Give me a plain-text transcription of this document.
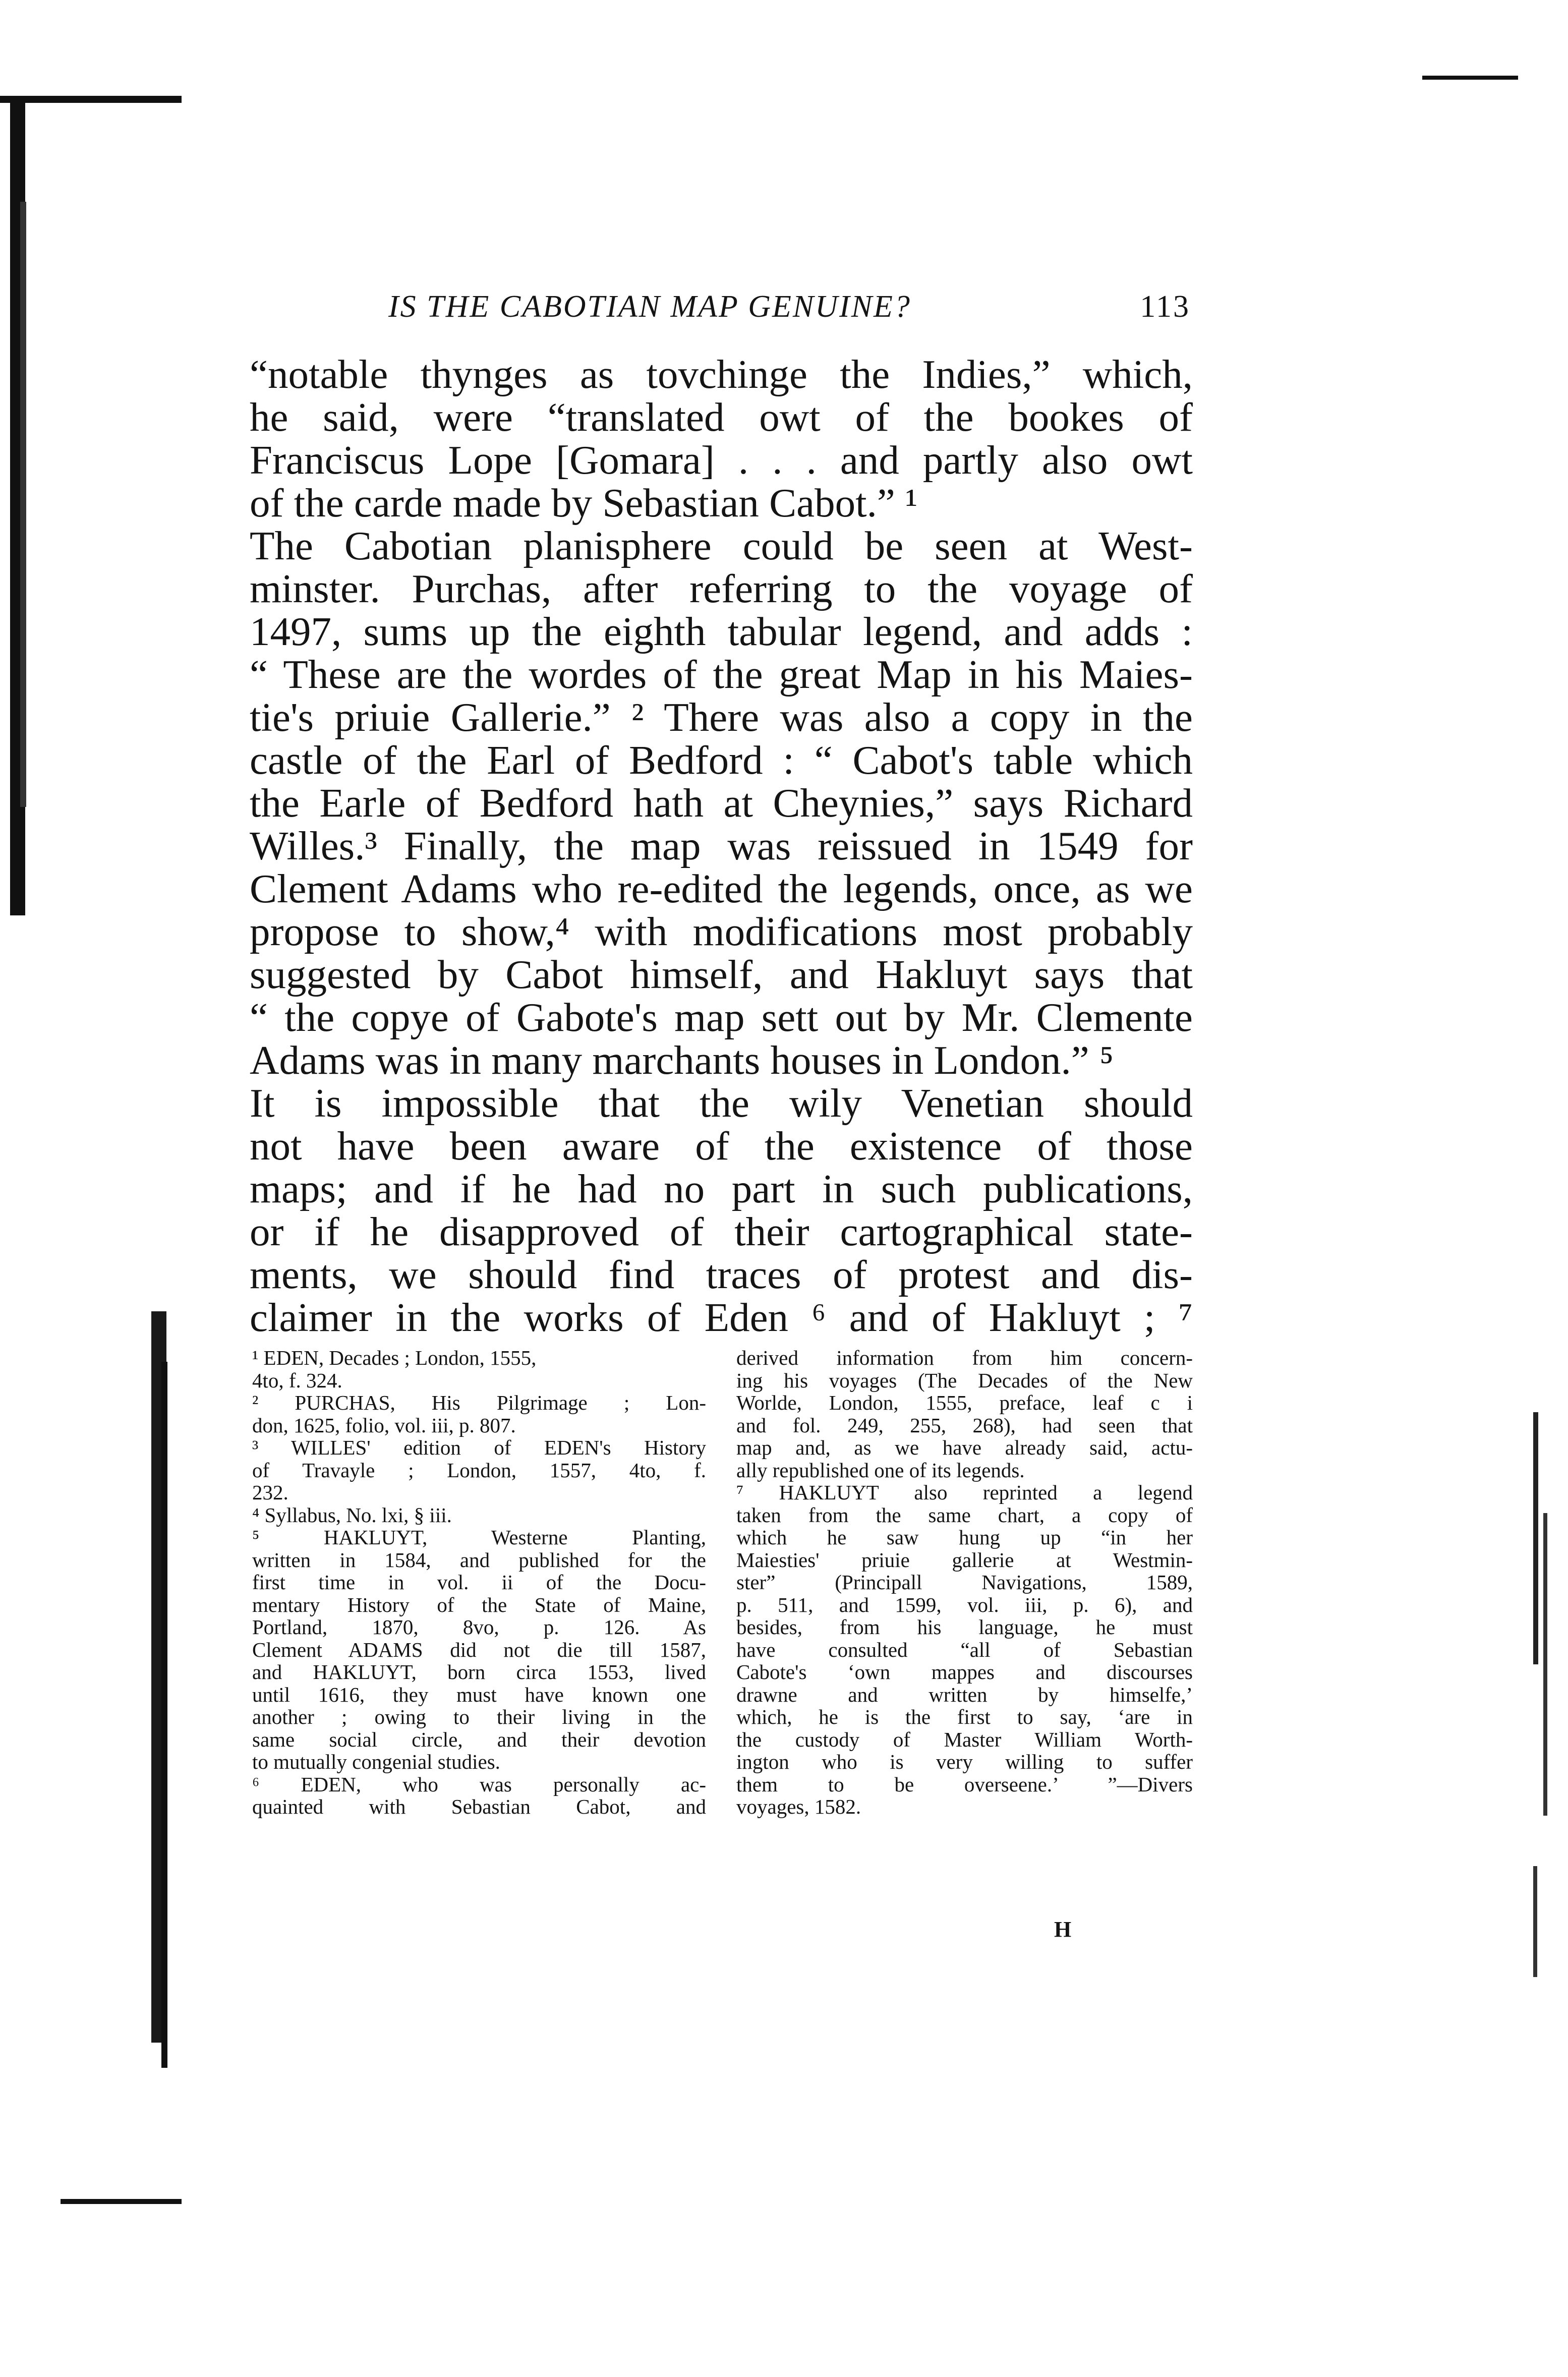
IS THE CABOTIAN MAP GENUINE?	113
“notable thynges as tovchinge the Indies,” which,
he said, were “translated owt of the bookes of
Franciscus Lope [Gomara] . . . and partly also owt
of the carde made by Sebastian Cabot.” ¹
The Cabotian planisphere could be seen at West-
minster. Purchas, after referring to the voyage of
1497, sums up the eighth tabular legend, and adds :
“ These are the wordes of the great Map in his Maies-
tie's priuie Gallerie.” ² There was also a copy in the
castle of the Earl of Bedford : “ Cabot's table which
the Earle of Bedford hath at Cheynies,” says Richard
Willes.³ Finally, the map was reissued in 1549 for
Clement Adams who re-edited the legends, once, as we
propose to show,⁴ with modifications most probably
suggested by Cabot himself, and Hakluyt says that
“ the copye of Gabote's map sett out by Mr. Clemente
Adams was in many marchants houses in London.” ⁵
It is impossible that the wily Venetian should
not have been aware of the existence of those
maps; and if he had no part in such publications,
or if he disapproved of their cartographical state-
ments, we should find traces of protest and dis-
claimer in the works of Eden ⁶ and of Hakluyt ; ⁷
¹ EDEN, Decades ; London, 1555,
4to, f. 324.
² PURCHAS, His Pilgrimage ; Lon-
don, 1625, folio, vol. iii, p. 807.
³ WILLES' edition of EDEN's History
of Travayle ; London, 1557, 4to, f.
232.
⁴ Syllabus, No. lxi, § iii.
⁵ HAKLUYT, Westerne Planting,
written in 1584, and published for the
first time in vol. ii of the Docu-
mentary History of the State of Maine,
Portland, 1870, 8vo, p. 126. As
Clement ADAMS did not die till 1587,
and HAKLUYT, born circa 1553, lived
until 1616, they must have known one
another ; owing to their living in the
same social circle, and their devotion
to mutually congenial studies.
⁶ EDEN, who was personally ac-
quainted with Sebastian Cabot, and
derived information from him concern-
ing his voyages (The Decades of the New
Worlde, London, 1555, preface, leaf c i
and fol. 249, 255, 268), had seen that
map and, as we have already said, actu-
ally republished one of its legends.
⁷ HAKLUYT also reprinted a legend
taken from the same chart, a copy of
which he saw hung up “in her
Maiesties' priuie gallerie at Westmin-
ster” (Principall Navigations, 1589,
p. 511, and 1599, vol. iii, p. 6), and
besides, from his language, he must
have consulted “all of Sebastian
Cabote's ‘own mappes and discourses
drawne and written by himselfe,’
which, he is the first to say, ‘are in
the custody of Master William Worth-
ington who is very willing to suffer
them to be overseene.’ ”—Divers
voyages, 1582.
H
